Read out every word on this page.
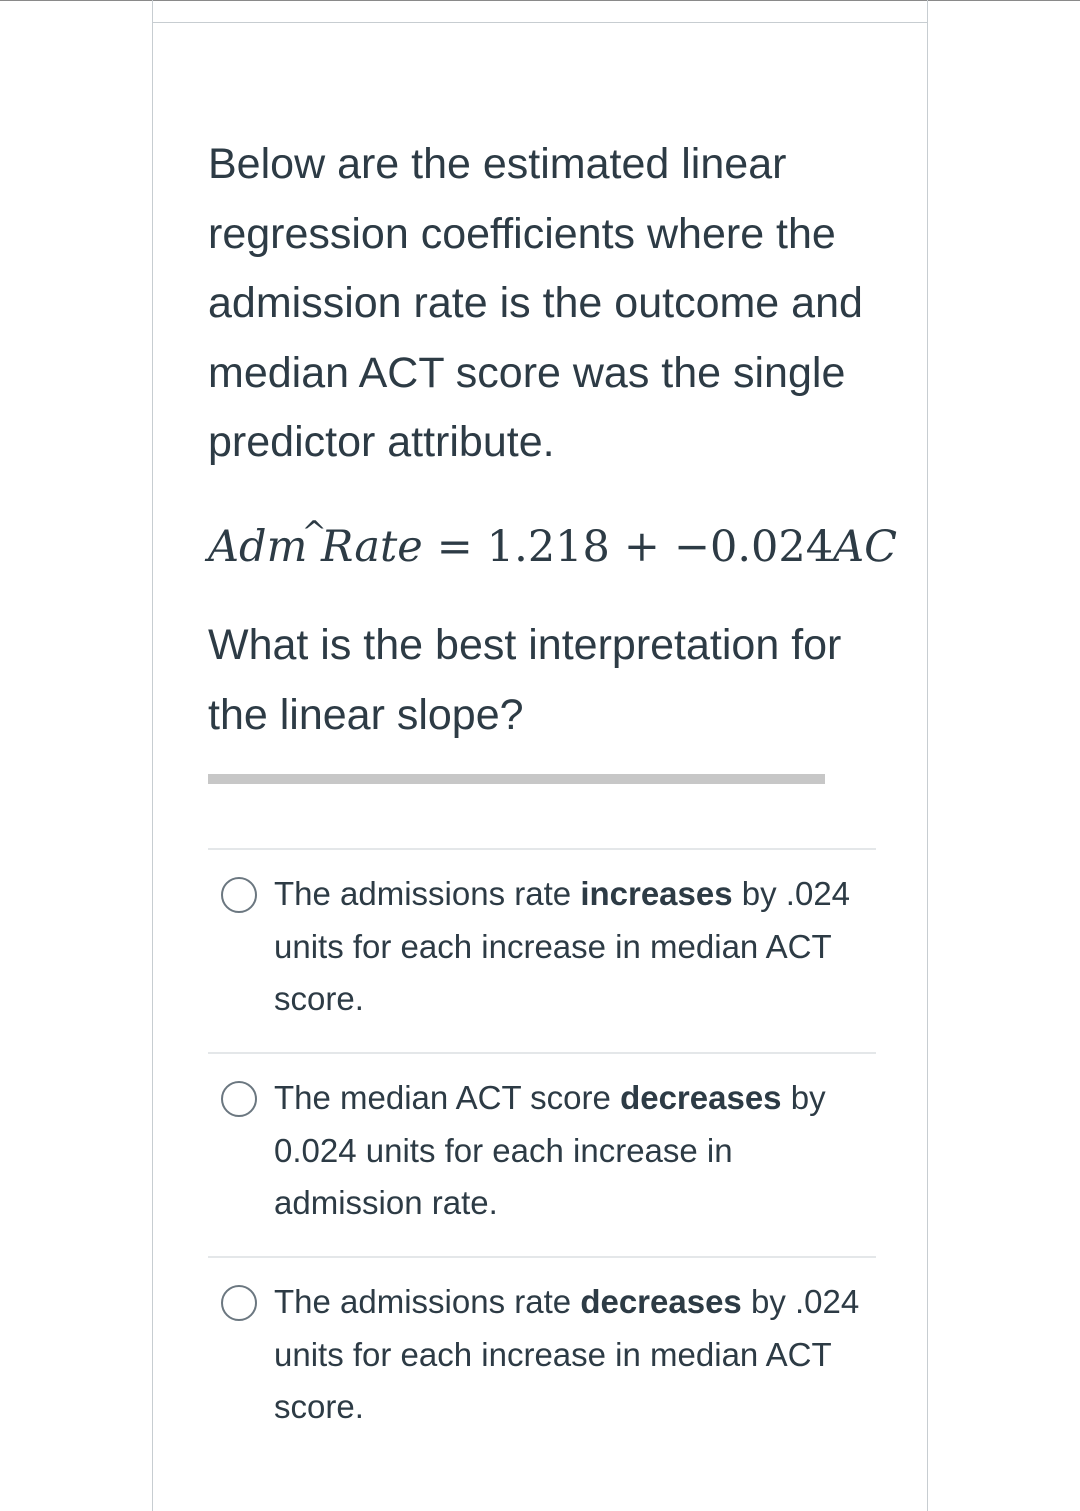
Below are the estimated linear regression coefficients where the admission rate is the outcome and median ACT score was the single predictor attribute.

Adm
^
Rate = 1.218 + −0.024AC

What is the best interpretation for the linear slope?

The admissions rate increases by .024 units for each increase in median ACT score.

The median ACT score decreases by 0.024 units for each increase in admission rate.

The admissions rate decreases by .024 units for each increase in median ACT score.
